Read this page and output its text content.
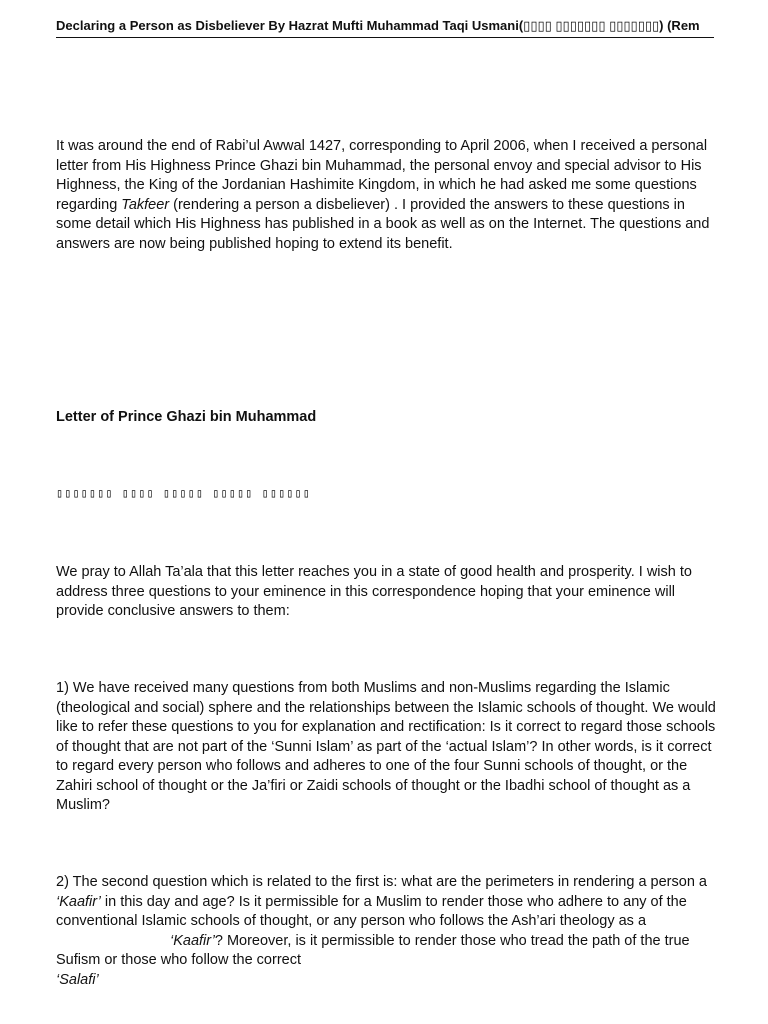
Declaring a Person as Disbeliever By Hazrat Mufti Muhammad Taqi Usmani(▯▯▯▯ ▯▯▯▯▯▯▯ ▯▯▯▯▯▯▯) (Rem

It was around the end of Rabi’ul Awwal 1427, corresponding to April 2006, when I received a personal letter from His Highness Prince Ghazi bin Muhammad, the personal envoy and special advisor to His Highness, the King of the Jordanian Hashimite Kingdom, in which he had asked me some questions regarding Takfeer (rendering a person a disbeliever) . I provided the answers to these questions in some detail which His Highness has published in a book as well as on the Internet. The questions and answers are now being published hoping to extend its benefit.

Letter of Prince Ghazi bin Muhammad

▯▯▯▯▯▯▯ ▯▯▯▯ ▯▯▯▯▯ ▯▯▯▯▯ ▯▯▯▯▯▯

We pray to Allah Ta’ala that this letter reaches you in a state of good health and prosperity. I wish to address three questions to your eminence in this correspondence hoping that your eminence will provide conclusive answers to them:

1) We have received many questions from both Muslims and non-Muslims regarding the Islamic (theological and social) sphere and the relationships between the Islamic schools of thought. We would like to refer these questions to you for explanation and rectification: Is it correct to regard those schools of thought that are not part of the ‘Sunni Islam’ as part of the ‘actual Islam’? In other words, is it correct to regard every person who follows and adheres to one of the four Sunni schools of thought, or the Zahiri school of thought or the Ja’firi or Zaidi schools of thought or the Ibadhi school of thought as a Muslim?

2) The second question which is related to the first is: what are the perimeters in rendering a person a ‘Kaafir’ in this day and age? Is it permissible for a Muslim to render those who adhere to any of the conventional Islamic schools of thought, or any person who follows the Ash’ari theology as a‘Kaafir’? Moreover, is it permissible to render those who tread the path of the true Sufism or those who follow the correct
‘Salafi’
